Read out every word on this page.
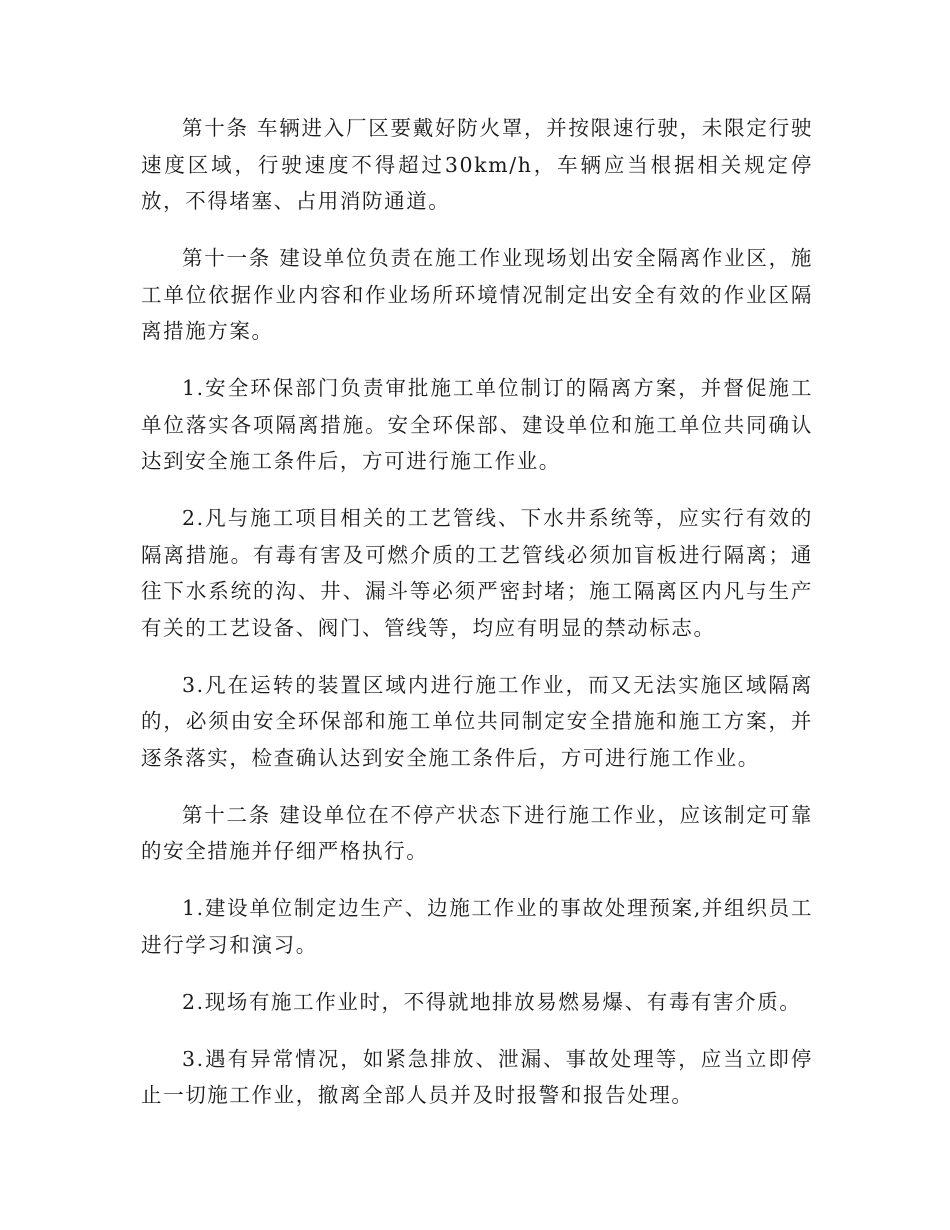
第十条 车辆进入厂区要戴好防火罩，并按限速行驶，未限定行驶速度区域，行驶速度不得超过30km/h，车辆应当根据相关规定停放，不得堵塞、占用消防通道。

第十一条 建设单位负责在施工作业现场划出安全隔离作业区，施工单位依据作业内容和作业场所环境情况制定出安全有效的作业区隔离措施方案。

1.安全环保部门负责审批施工单位制订的隔离方案，并督促施工单位落实各项隔离措施。安全环保部、建设单位和施工单位共同确认达到安全施工条件后，方可进行施工作业。

2.凡与施工项目相关的工艺管线、下水井系统等，应实行有效的隔离措施。有毒有害及可燃介质的工艺管线必须加盲板进行隔离；通往下水系统的沟、井、漏斗等必须严密封堵；施工隔离区内凡与生产有关的工艺设备、阀门、管线等，均应有明显的禁动标志。

3.凡在运转的装置区域内进行施工作业，而又无法实施区域隔离的，必须由安全环保部和施工单位共同制定安全措施和施工方案，并逐条落实，检查确认达到安全施工条件后，方可进行施工作业。

第十二条 建设单位在不停产状态下进行施工作业，应该制定可靠的安全措施并仔细严格执行。

1.建设单位制定边生产、边施工作业的事故处理预案,并组织员工进行学习和演习。

2.现场有施工作业时，不得就地排放易燃易爆、有毒有害介质。

3.遇有异常情况，如紧急排放、泄漏、事故处理等，应当立即停止一切施工作业，撤离全部人员并及时报警和报告处理。
